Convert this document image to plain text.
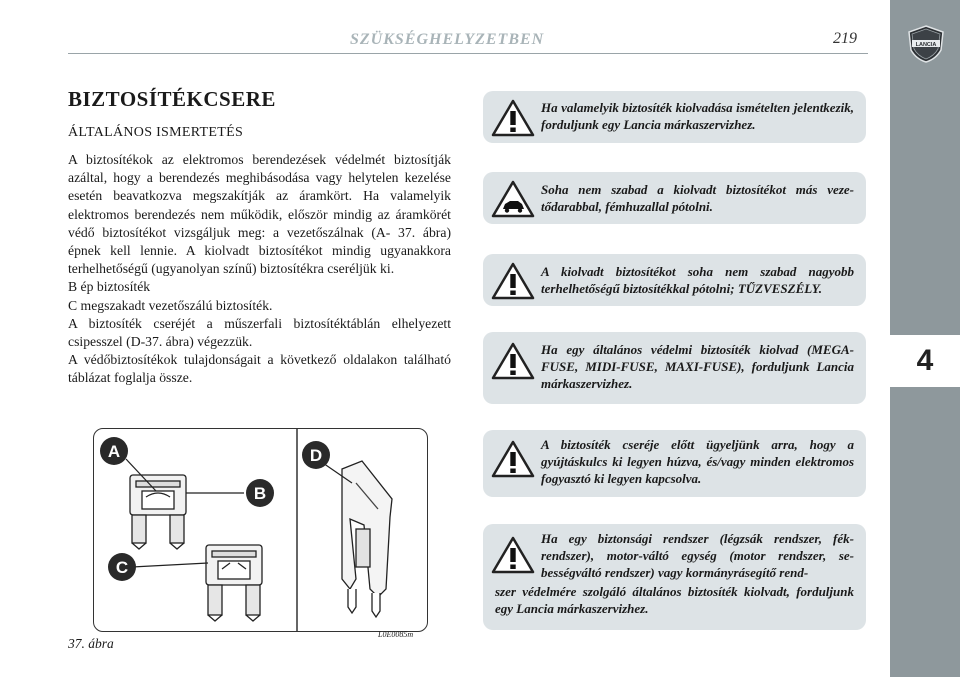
LANCIA
4
SZÜKSÉGHELYZETBEN	219
BIZTOSÍTÉKCSERE
ÁLTALÁNOS ISMERTETÉS

A biztosítékok az elektromos berendezések védelmét biztosítják azáltal, hogy a berendezés meghibásodása vagy helytelen kezelése esetén beavatkozva megszakítják az áramkört. Ha valamelyik elektromos berendezés nem működik, először mindig az áramkörét védő biztosítékot vizsgáljuk meg: a vezetőszálnak (A- 37. ábra) épnek kell lennie. A kiolvadt biztosítékot mindig ugyanakkora terhelhetőségű (ugyanolyan színű) biztosítékra cseréljük ki.

B ép biztosíték

C megszakadt vezetőszálú biztosíték.

A biztosíték cseréjét a műszerfali biztosítéktáblán elhelyezett csipesszel (D-37. ábra) végezzük.

A védőbiztosítékok tulajdonságait a következő oldalakon található táblázat foglalja össze.

A
B
C
D
37. ábra
L0E0085m
Ha valamelyik biztosíték kiolvadása ismételten jelentkezik, forduljunk egy Lancia márkaszervizhez.
Soha nem szabad a kiolvadt biztosítékot más vezetődarabbal, fémhuzallal pótolni.
A kiolvadt biztosítékot soha nem szabad nagyobb terhelhetőségű biztosítékkal pótolni; TŰZVESZÉLY.
Ha egy általános védelmi biztosíték kiolvad (MEGA-FUSE, MIDI-FUSE, MAXI-FUSE), forduljunk Lancia márkaszervizhez.
A biztosíték cseréje előtt ügyeljünk arra, hogy a gyújtáskulcs ki legyen húzva, és/vagy minden elektromos fogyasztó ki legyen kapcsolva.
Ha egy biztonsági rendszer (légzsák rendszer, fékrendszer), motor-váltó egység (motor rendszer, sebességváltó rendszer) vagy kormányrásegítő rend-
szer védelmére szolgáló általános biztosíték kiolvadt, forduljunk egy Lancia márkaszervizhez.
